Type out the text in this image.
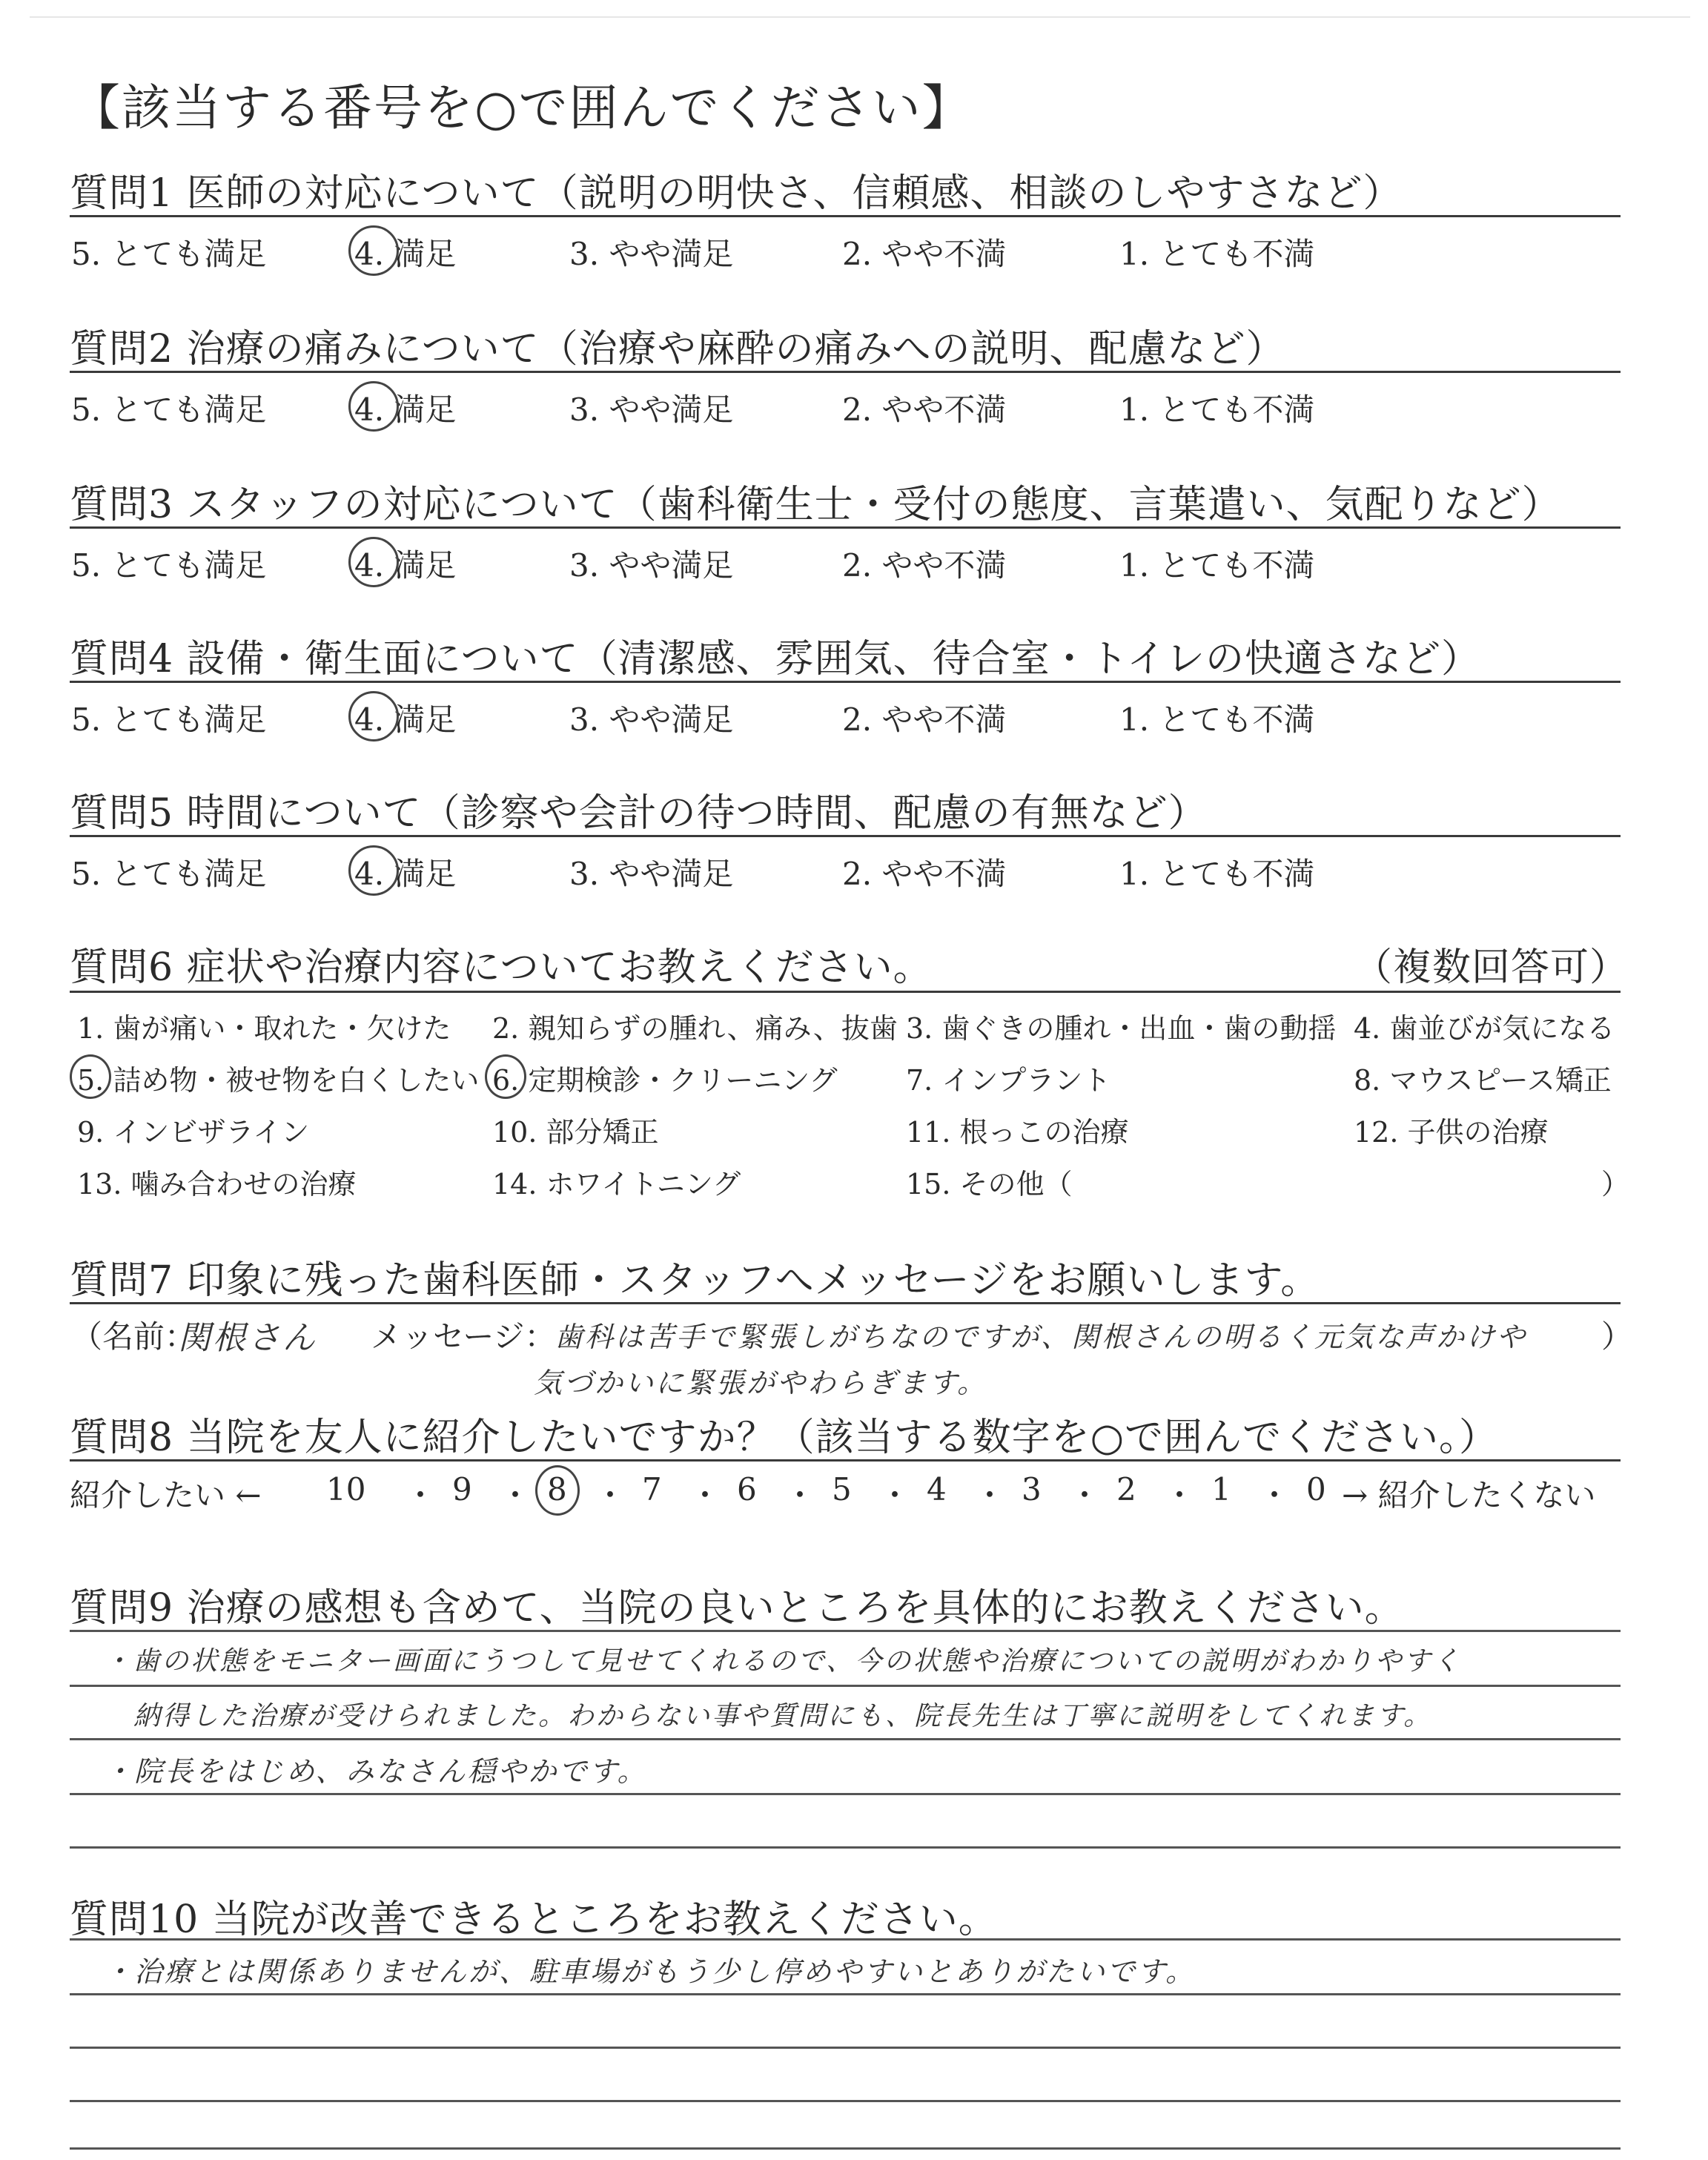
【該当する番号を○で囲んでください】
質問1 医師の対応について（説明の明快さ、信頼感、相談のしやすさなど）
5. とても満足	4. 満足	3. やや満足	2. やや不満	1. とても不満
質問2 治療の痛みについて（治療や麻酔の痛みへの説明、配慮など）
5. とても満足	4. 満足	3. やや満足	2. やや不満	1. とても不満
質問3 スタッフの対応について（歯科衛生士・受付の態度、言葉遣い、気配りなど）
5. とても満足	4. 満足	3. やや満足	2. やや不満	1. とても不満
質問4 設備・衛生面について（清潔感、雰囲気、待合室・トイレの快適さなど）
5. とても満足	4. 満足	3. やや満足	2. やや不満	1. とても不満
質問5 時間について（診察や会計の待つ時間、配慮の有無など）
5. とても満足	4. 満足	3. やや満足	2. やや不満	1. とても不満
質問6 症状や治療内容についてお教えください。	（複数回答可）
1. 歯が痛い・取れた・欠けた 2. 親知らずの腫れ、痛み、抜歯 3. 歯ぐきの腫れ・出血・歯の動揺 4. 歯並びが気になる
5. 詰め物・被せ物を白くしたい 6. 定期検診・クリーニング 7. インプラント	8. マウスピース矯正
9. インビザライン	10. 部分矯正	11. 根っこの治療	12. 子供の治療
13. 噛み合わせの治療	14. ホワイトニング	15. その他（	）
質問7 印象に残った歯科医師・スタッフへメッセージをお願いします。
（名前：
関根さん メッセージ：
歯科は苦手で緊張しがちなのですが、関根さんの明るく元気な声かけや
気づかいに緊張がやわらぎます。
）
質問8 当院を友人に紹介したいですか？（該当する数字を○で囲んでください。）
紹介したい ← 10 ・ 9 ・ 8 ・ 7 ・ 6 ・ 5 ・ 4 ・ 3 ・ 2 ・ 1 ・ 0 → 紹介したくない
質問9 治療の感想も含めて、当院の良いところを具体的にお教えください。
・歯の状態をモニター画面にうつして見せてくれるので、今の状態や治療についての説明がわかりやすく
納得した治療が受けられました。わからない事や質問にも、院長先生は丁寧に説明をしてくれます。
・院長をはじめ、みなさん穏やかです。
質問10 当院が改善できるところをお教えください。
・治療とは関係ありませんが、駐車場がもう少し停めやすいとありがたいです。
